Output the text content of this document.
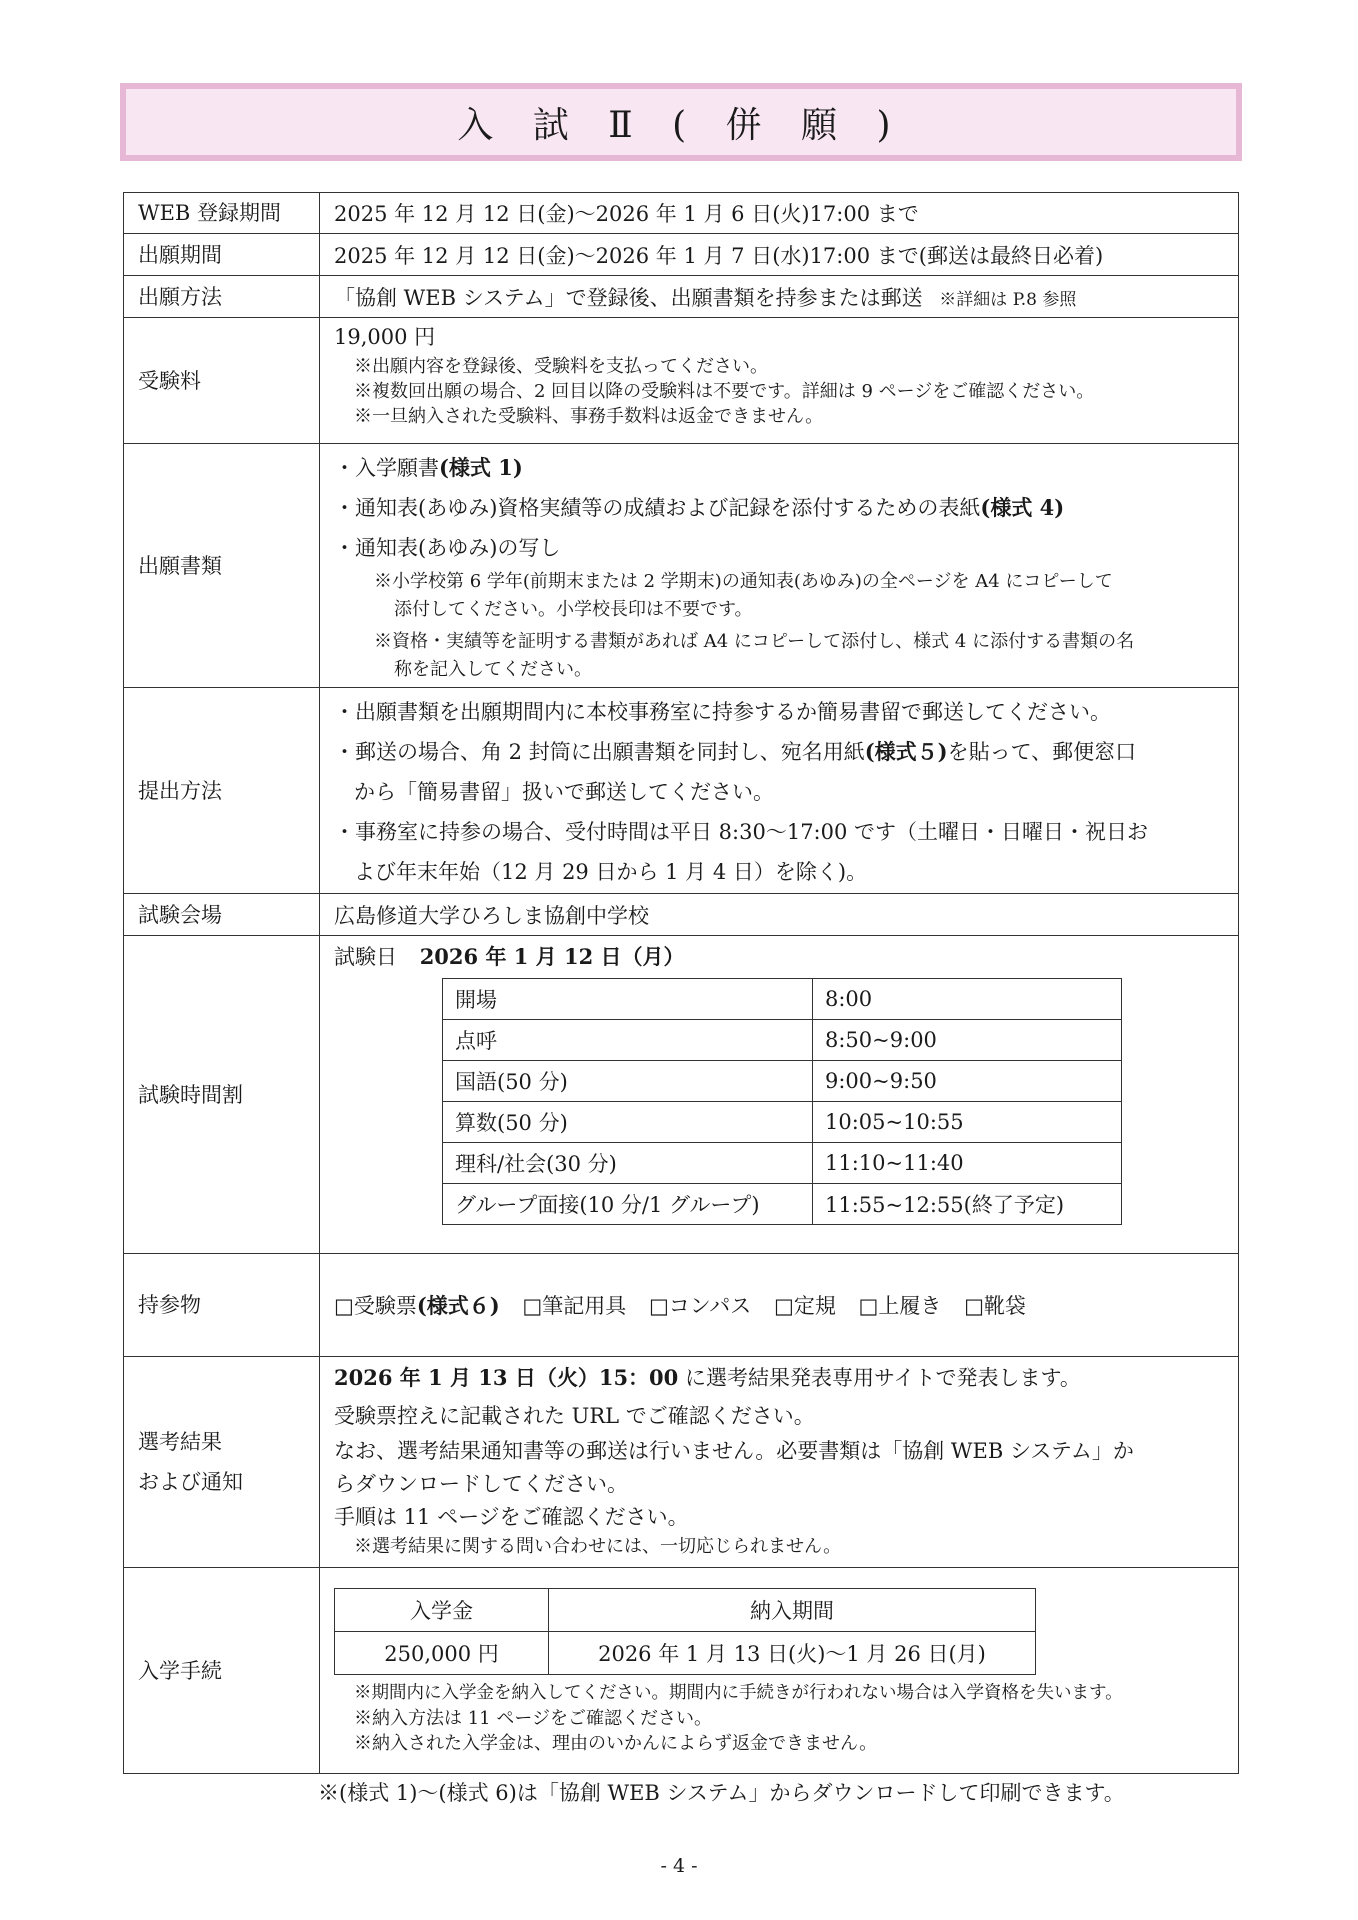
入 試 Ⅱ ( 併 願 )
WEB 登録期間	2025 年 12 月 12 日(金)～2026 年 1 月 6 日(火)17:00 まで
出願期間	2025 年 12 月 12 日(金)～2026 年 1 月 7 日(水)17:00 まで(郵送は最終日必着)
出願方法	「協創 WEB システム」で登録後、出願書類を持参または郵送 ※詳細は P.8 参照
受験料	
19,000 円
※出願内容を登録後、受験料を支払ってください。
※複数回出願の場合、2 回目以降の受験料は不要です。詳細は 9 ページをご確認ください。
※一旦納入された受験料、事務手数料は返金できません。

出願書類	
・入学願書(様式 1)
・通知表(あゆみ)資格実績等の成績および記録を添付するための表紙(様式 4)
・通知表(あゆみ)の写し
※小学校第 6 学年(前期末または 2 学期末)の通知表(あゆみ)の全ページを A4 にコピーして
添付してください。小学校長印は不要です。
※資格・実績等を証明する書類があれば A4 にコピーして添付し、様式 4 に添付する書類の名
称を記入してください。

提出方法	
・出願書類を出願期間内に本校事務室に持参するか簡易書留で郵送してください。
・郵送の場合、角 2 封筒に出願書類を同封し、宛名用紙(様式５)を貼って、郵便窓口
から「簡易書留」扱いで郵送してください。
・事務室に持参の場合、受付時間は平日 8:30～17:00 です（土曜日・日曜日・祝日お
よび年末年始（12 月 29 日から 1 月 4 日）を除く)。

試験会場	広島修道大学ひろしま協創中学校
試験時間割	
試験日 2026 年 1 月 12 日（月）
開場	8:00
点呼	8:50~9:00
国語(50 分)	9:00~9:50
算数(50 分)	10:05~10:55
理科/社会(30 分)	11:10~11:40
グループ面接(10 分/1 グループ)	11:55~12:55(終了予定)

持参物	□受験票(様式６) □筆記用具 □コンパス □定規 □上履き □靴袋

選考結果
および通知

2026 年 1 月 13 日（火）15：00 に選考結果発表専用サイトで発表します。
受験票控えに記載された URL でご確認ください。
なお、選考結果通知書等の郵送は行いません。必要書類は「協創 WEB システム」か
らダウンロードしてください。
手順は 11 ページをご確認ください。
※選考結果に関する問い合わせには、一切応じられません。

入学手続	
入学金	納入期間
250,000 円	2026 年 1 月 13 日(火)～1 月 26 日(月)
※期間内に入学金を納入してください。期間内に手続きが行われない場合は入学資格を失います。
※納入方法は 11 ページをご確認ください。
※納入された入学金は、理由のいかんによらず返金できません。
※(様式 1)～(様式 6)は「協創 WEB システム」からダウンロードして印刷できます。
- 4 -
